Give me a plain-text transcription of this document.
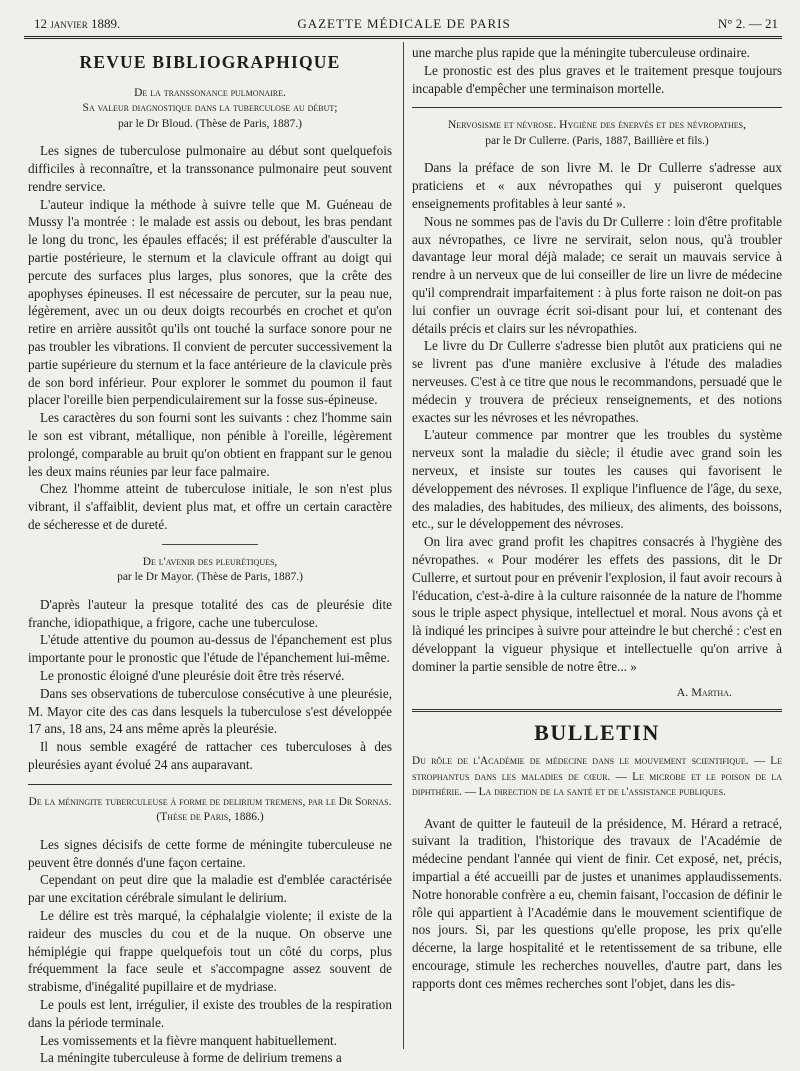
12 janvier 1889.	GAZETTE MÉDICALE DE PARIS	N° 2. — 21
REVUE BIBLIOGRAPHIQUE
De la transsonance pulmonaire.
Sa valeur diagnostique dans la tuberculose au début;
par le Dr Bloud. (Thèse de Paris, 1887.)

Les signes de tuberculose pulmonaire au début sont quelquefois difficiles à reconnaître, et la transsonance pulmonaire peut souvent rendre service.

L'auteur indique la méthode à suivre telle que M. Guéneau de Mussy l'a montrée : le malade est assis ou debout, les bras pendant le long du tronc, les épaules effacés; il est préférable d'ausculter la partie postérieure, le sternum et la clavicule offrant au doigt qui percute des surfaces plus larges, plus sonores, que la crête des apophyses épineuses. Il est nécessaire de percuter, sur la peau nue, légèrement, avec un ou deux doigts recourbés en crochet et qu'on retire en arrière aussitôt qu'ils ont touché la surface sonore pour ne pas troubler les vibrations. Il convient de percuter successivement la partie supérieure du sternum et la face antérieure de la clavicule près de son bord inférieur. Pour explorer le sommet du poumon il faut placer l'oreille bien perpendiculairement sur la fosse sus-épineuse.

Les caractères du son fourni sont les suivants : chez l'homme sain le son est vibrant, métallique, non pénible à l'oreille, légèrement prolongé, comparable au bruit qu'on obtient en frappant sur le genou les deux mains réunies par leur face palmaire.

Chez l'homme atteint de tuberculose initiale, le son n'est plus vibrant, il s'affaiblit, devient plus mat, et offre un certain caractère de sécheresse et de dureté.

De l'avenir des pleurétiques,
par le Dr Mayor. (Thèse de Paris, 1887.)

D'après l'auteur la presque totalité des cas de pleurésie dite franche, idiopathique, a frigore, cache une tuberculose.

L'étude attentive du poumon au-dessus de l'épanchement est plus importante pour le pronostic que l'étude de l'épanchement lui-même.

Le pronostic éloigné d'une pleurésie doit être très réservé.

Dans ses observations de tuberculose consécutive à une pleurésie, M. Mayor cite des cas dans lesquels la tuberculose s'est développée 17 ans, 18 ans, 24 ans même après la pleurésie.

Il nous semble exagéré de rattacher ces tuberculoses à des pleurésies ayant évolué 24 ans auparavant.

De la méningite tuberculeuse à forme de delirium tremens, par le Dr Sornas. (Thèse de Paris, 1886.)

Les signes décisifs de cette forme de méningite tuberculeuse ne peuvent être donnés d'une façon certaine.

Cependant on peut dire que la maladie est d'emblée caractérisée par une excitation cérébrale simulant le delirium.

Le délire est très marqué, la céphalalgie violente; il existe de la raideur des muscles du cou et de la nuque. On observe une hémiplégie qui frappe quelquefois tout un côté du corps, plus fréquemment la face seule et s'accompagne assez souvent de strabisme, d'inégalité pupillaire et de mydriase.

Le pouls est lent, irrégulier, il existe des troubles de la respiration dans la période terminale.

Les vomissements et la fièvre manquent habituellement.

La méningite tuberculeuse à forme de delirium tremens a

une marche plus rapide que la méningite tuberculeuse ordinaire.

Le pronostic est des plus graves et le traitement presque toujours incapable d'empêcher une terminaison mortelle.

Nervosisme et névrose. Hygiène des énervés et des névropathes,
par le Dr Cullerre. (Paris, 1887, Baillière et fils.)

Dans la préface de son livre M. le Dr Cullerre s'adresse aux praticiens et « aux névropathes qui y puiseront quelques enseignements profitables à leur santé ».

Nous ne sommes pas de l'avis du Dr Cullerre : loin d'être profitable aux névropathes, ce livre ne servirait, selon nous, qu'à troubler davantage leur moral déjà malade; ce serait un mauvais service à rendre à un nerveux que de lui conseiller de lire un livre de médecine qu'il comprendrait imparfaitement : à plus forte raison ne doit-on pas lui confier un ouvrage écrit soi-disant pour lui, et contenant des détails précis et clairs sur les névropathies.

Le livre du Dr Cullerre s'adresse bien plutôt aux praticiens qui ne se livrent pas d'une manière exclusive à l'étude des maladies nerveuses. C'est à ce titre que nous le recommandons, persuadé que le médecin y trouvera de précieux renseignements, et des notions exactes sur les névroses et les névropathes.

L'auteur commence par montrer que les troubles du système nerveux sont la maladie du siècle; il étudie avec grand soin les nerveux, et insiste sur toutes les causes qui favorisent le développement des névroses. Il explique l'influence de l'âge, du sexe, des maladies, des habitudes, des milieux, des aliments, des boissons, etc., sur le développement des névroses.

On lira avec grand profit les chapitres consacrés à l'hygiène des névropathes. « Pour modérer les effets des passions, dit le Dr Cullerre, et surtout pour en prévenir l'explosion, il faut avoir recours à l'éducation, c'est-à-dire à la culture raisonnée de la nature de l'homme sous le triple aspect physique, intellectuel et moral. Nous avons çà et là indiqué les principes à suivre pour atteindre le but cherché : c'est en développant la vigueur physique et intellectuelle qu'on arrive à dominer la partie sensible de notre être... »

A. Martha.
BULLETIN
Du rôle de l'Académie de médecine dans le mouvement scientifique. — Le strophantus dans les maladies de cœur. — Le microbe et le poison de la diphthérie. — La direction de la santé et de l'assistance publiques.

Avant de quitter le fauteuil de la présidence, M. Hérard a retracé, suivant la tradition, l'historique des travaux de l'Académie de médecine pendant l'année qui vient de finir. Cet exposé, net, précis, impartial a été accueilli par de justes et unanimes applaudissements. Notre honorable confrère a eu, chemin faisant, l'occasion de définir le rôle qui appartient à l'Académie dans le mouvement scientifique de nos jours. Si, par les questions qu'elle propose, les prix qu'elle décerne, la large hospitalité et le retentissement de sa tribune, elle encourage, stimule les recherches nouvelles, d'autre part, dans les rapports dont ces mêmes recherches sont l'objet, dans les dis-
